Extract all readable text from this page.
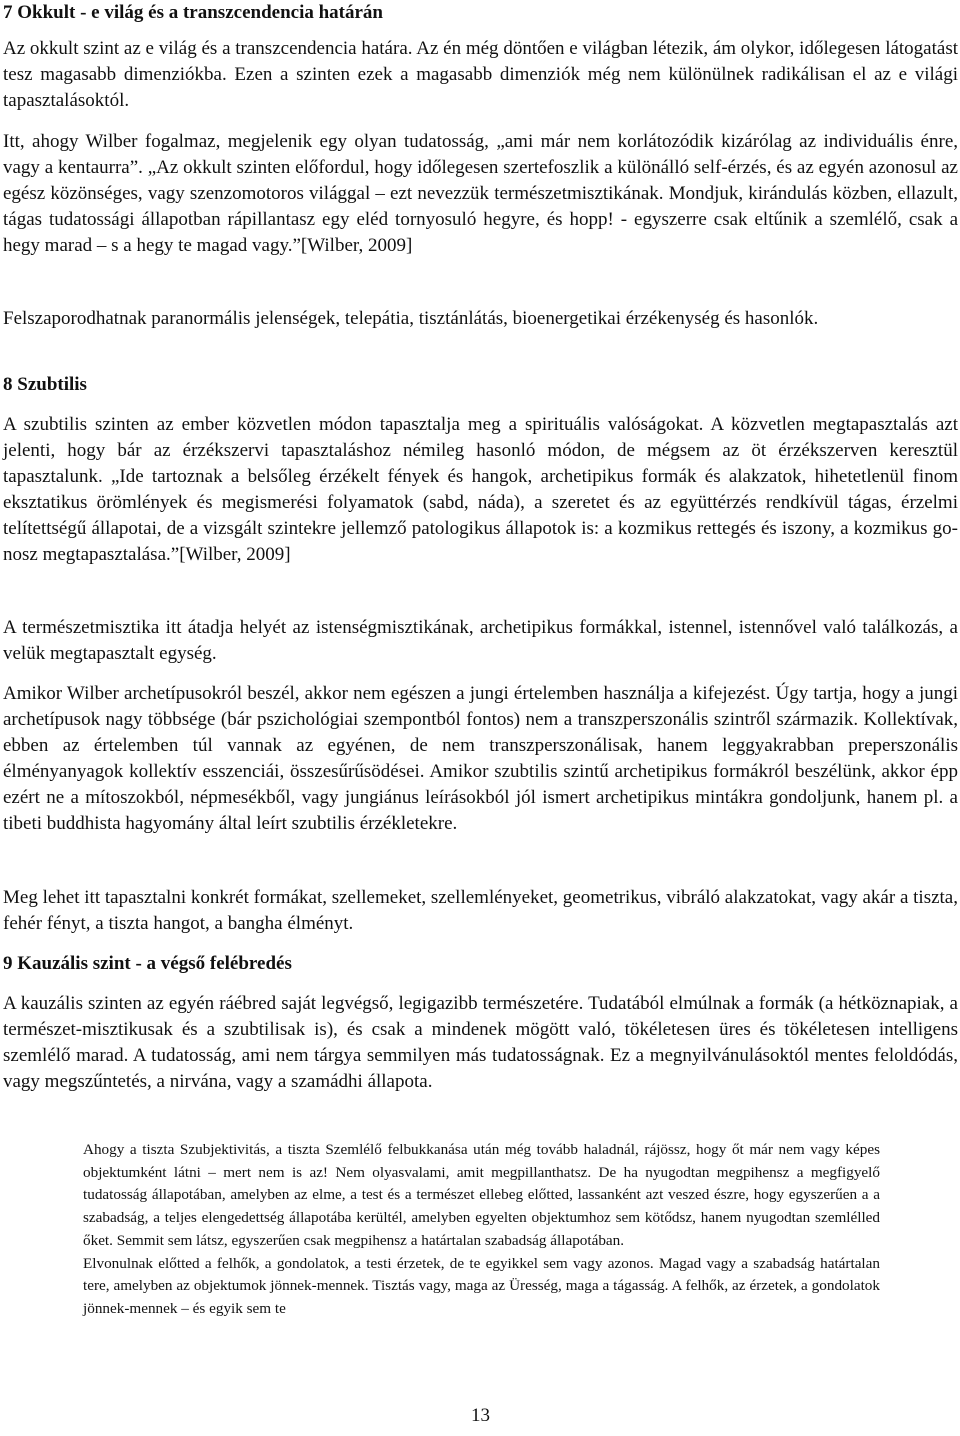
7 Okkult - e világ és a transzcendencia határán

Az okkult szint az e világ és a transzcendencia határa. Az én még döntően e világban létezik, ám olykor, időlegesen látogatást tesz magasabb dimenziókba. Ezen a szinten ezek a magasabb dimenziók még nem különülnek radikálisan el az e világi tapasztalásoktól.

Itt, ahogy Wilber fogalmaz, megjelenik egy olyan tudatosság, „ami már nem korlátozódik kizárólag az individuális énre, vagy a kentaurra”. „Az okkult szinten előfordul, hogy időlegesen szertefoszlik a különálló self-érzés, és az egyén azonosul az egész közönséges, vagy szenzomotoros világgal – ezt nevezzük természetmisztikának. Mondjuk, kirándulás közben, ellazult, tágas tudatossági állapotban rápillantasz egy eléd tornyosuló hegyre, és hopp! - egyszerre csak eltűnik a szemlélő, csak a hegy marad – s a hegy te magad vagy.”[Wilber, 2009]

Felszaporodhatnak paranormális jelenségek, telepátia, tisztánlátás, bioenergetikai érzékenység és hasonlók.

8 Szubtilis

A szubtilis szinten az ember közvetlen módon tapasztalja meg a spirituális valóságokat. A közvetlen megtapasztalás azt jelenti, hogy bár az érzékszervi tapasztaláshoz némileg hasonló módon, de mégsem az öt érzékszerven keresztül tapasztalunk. „Ide tartoznak a belsőleg érzékelt fények és hangok, archetipikus formák és alakzatok, hihetetlenül finom eksztatikus örömlények és megismerési folyamatok (sabd, náda), a szeretet és az együttérzés rendkívül tágas, érzelmi telítettségű állapotai, de a vizsgált szintekre jellemző patologikus állapotok is: a kozmikus rettegés és iszony, a kozmikus gonosz megtapasztalása.”[Wilber, 2009]

A természetmisztika itt átadja helyét az istenségmisztikának, archetipikus formákkal, istennel, istennővel való találkozás, a velük megtapasztalt egység.

Amikor Wilber archetípusokról beszél, akkor nem egészen a jungi értelemben használja a kifejezést. Úgy tartja, hogy a jungi archetípusok nagy többsége (bár pszichológiai szempontból fontos) nem a transzperszonális szintről származik. Kollektívak, ebben az értelemben túl vannak az egyénen, de nem transzperszonálisak, hanem leggyakrabban preperszonális élményanyagok kollektív esszenciái, összesűrűsödései. Amikor szubtilis szintű archetipikus formákról beszélünk, akkor épp ezért ne a mítoszokból, népmesékből, vagy jungiánus leírásokból jól ismert archetipikus mintákra gondoljunk, hanem pl. a tibeti buddhista hagyomány által leírt szubtilis érzékletekre.

Meg lehet itt tapasztalni konkrét formákat, szellemeket, szellemlényeket, geometrikus, vibráló alakzatokat, vagy akár a tiszta, fehér fényt, a tiszta hangot, a bangha élményt.

9 Kauzális szint - a végső felébredés

A kauzális szinten az egyén ráébred saját legvégső, legigazibb természetére. Tudatából elmúlnak a formák (a hétköznapiak, a természet-misztikusak és a szubtilisak is), és csak a mindenek mögött való, tökéletesen üres és tökéletesen intelligens szemlélő marad. A tudatosság, ami nem tárgya semmilyen más tudatosságnak. Ez a megnyilvánulásoktól mentes feloldódás, vagy megszűntetés, a nirvána, vagy a szamádhi állapota.

Ahogy a tiszta Szubjektivitás, a tiszta Szemlélő felbukkanása után még tovább haladnál, rájössz, hogy őt már nem vagy képes objektumként látni – mert nem is az! Nem olyasvalami, amit megpillanthatsz. De ha nyugodtan megpihensz a megfigyelő tudatosság állapotában, amelyben az elme, a test és a természet ellebeg előtted, lassanként azt veszed észre, hogy egyszerűen a a szabadság, a teljes elengedettség állapotába kerültél, amelyben egyelten objektumhoz sem kötődsz, hanem nyugodtan szemlélled őket. Semmit sem látsz, egyszerűen csak megpihensz a határtalan szabadság állapotában.

Elvonulnak előtted a felhők, a gondolatok, a testi érzetek, de te egyikkel sem vagy azonos. Magad vagy a szabadság határtalan tere, amelyben az objektumok jönnek-mennek. Tisztás vagy, maga az Üresség, maga a tágasság. A felhők, az érzetek, a gondolatok jönnek-mennek – és egyik sem te

13
